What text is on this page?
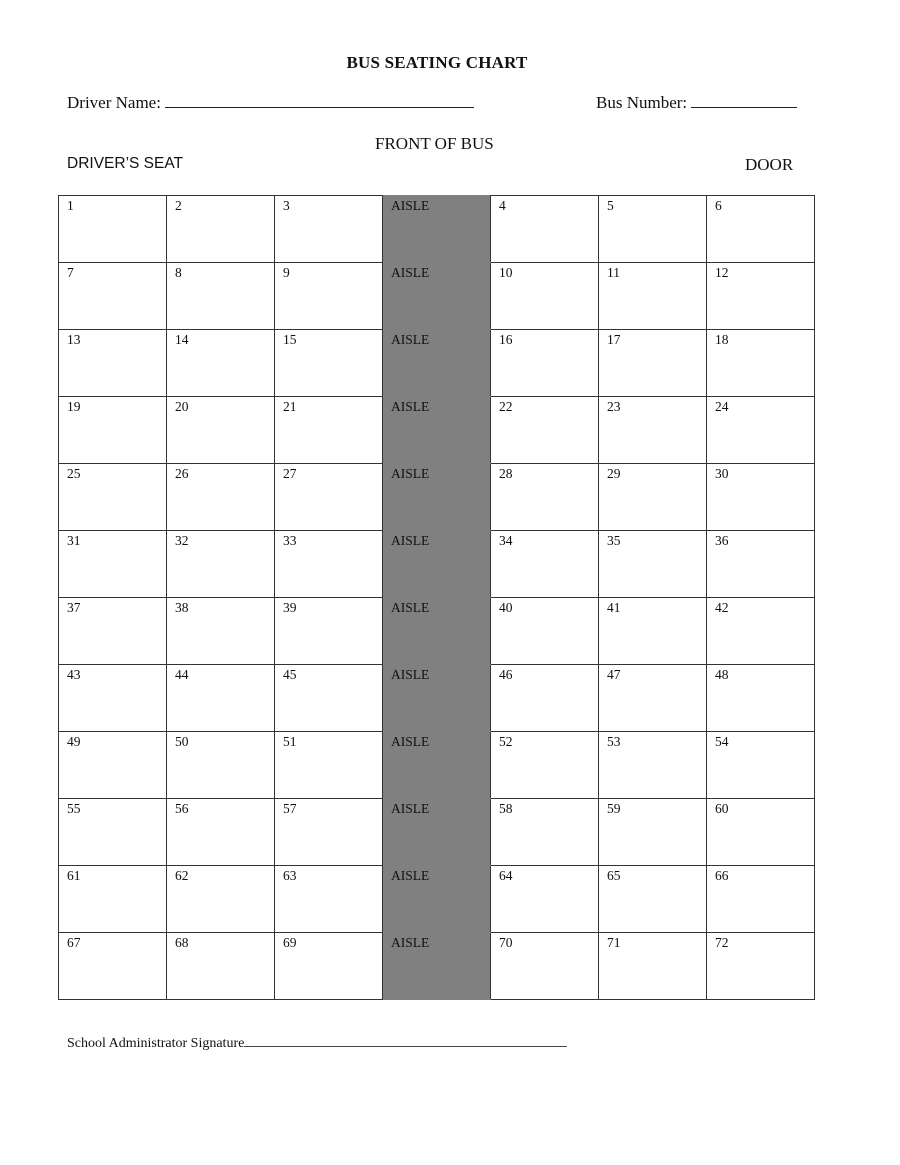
BUS SEATING CHART
Driver Name:	Bus Number:
FRONT OF BUS
DRIVER’S SEAT	DOOR
1	2	3	AISLE	4	5	6
7	8	9	AISLE	10	11	12
13	14	15	AISLE	16	17	18
19	20	21	AISLE	22	23	24
25	26	27	AISLE	28	29	30
31	32	33	AISLE	34	35	36
37	38	39	AISLE	40	41	42
43	44	45	AISLE	46	47	48
49	50	51	AISLE	52	53	54
55	56	57	AISLE	58	59	60
61	62	63	AISLE	64	65	66
67	68	69	AISLE	70	71	72
School Administrator Signature
